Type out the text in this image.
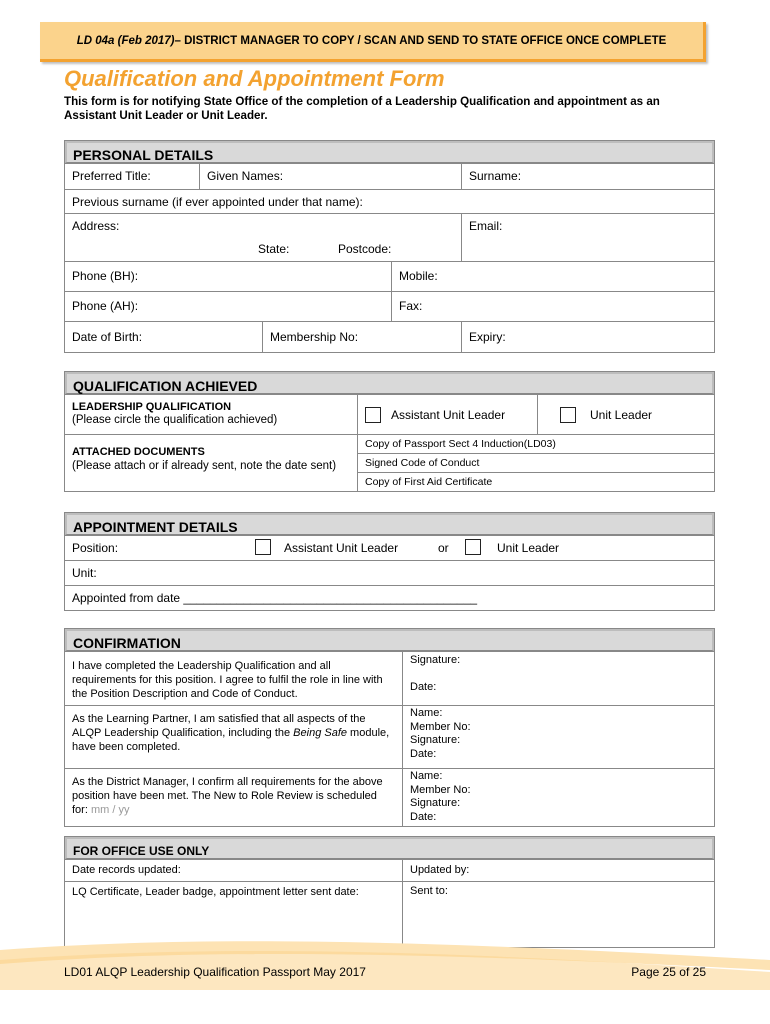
LD 04a (Feb 2017) – DISTRICT MANAGER TO COPY / SCAN AND SEND TO STATE OFFICE ONCE COMPLETE
Qualification and Appointment Form
This form is for notifying State Office of the completion of a Leadership Qualification and appointment as an Assistant Unit Leader or Unit Leader.
PERSONAL DETAILS
Preferred Title:	Given Names:	Surname:
Previous surname (if ever appointed under that name):
Address:
State:	Postcode:
Email:
Phone (BH):	Mobile:
Phone (AH):	Fax:
Date of Birth:	Membership No:	Expiry:
QUALIFICATION ACHIEVED
LEADERSHIP QUALIFICATION
(Please circle the qualification achieved)	Assistant Unit Leader	Unit Leader
ATTACHED DOCUMENTS
(Please attach or if already sent, note the date sent)
Copy of Passport Sect 4 Induction(LD03)
Signed Code of Conduct
Copy of First Aid Certificate
APPOINTMENT DETAILS
Position:	Assistant Unit Leader	or	Unit Leader
Unit:
Appointed from date ____________________________________________
CONFIRMATION
I have completed the Leadership Qualification and all requirements for this position. I agree to fulfil the role in line with the Position Description and Code of Conduct.
Signature:
Date:
As the Learning Partner, I am satisfied that all aspects of the ALQP Leadership Qualification, including the Being Safe module, have been completed.
Name:
Member No:
Signature:
Date:
As the District Manager, I confirm all requirements for the above position have been met. The New to Role Review is scheduled for: mm / yy
Name:
Member No:
Signature:
Date:
FOR OFFICE USE ONLY
Date records updated:	Updated by:
LQ Certificate, Leader badge, appointment letter sent date:	Sent to:
LD01 ALQP Leadership Qualification Passport May 2017	Page 25 of 25
